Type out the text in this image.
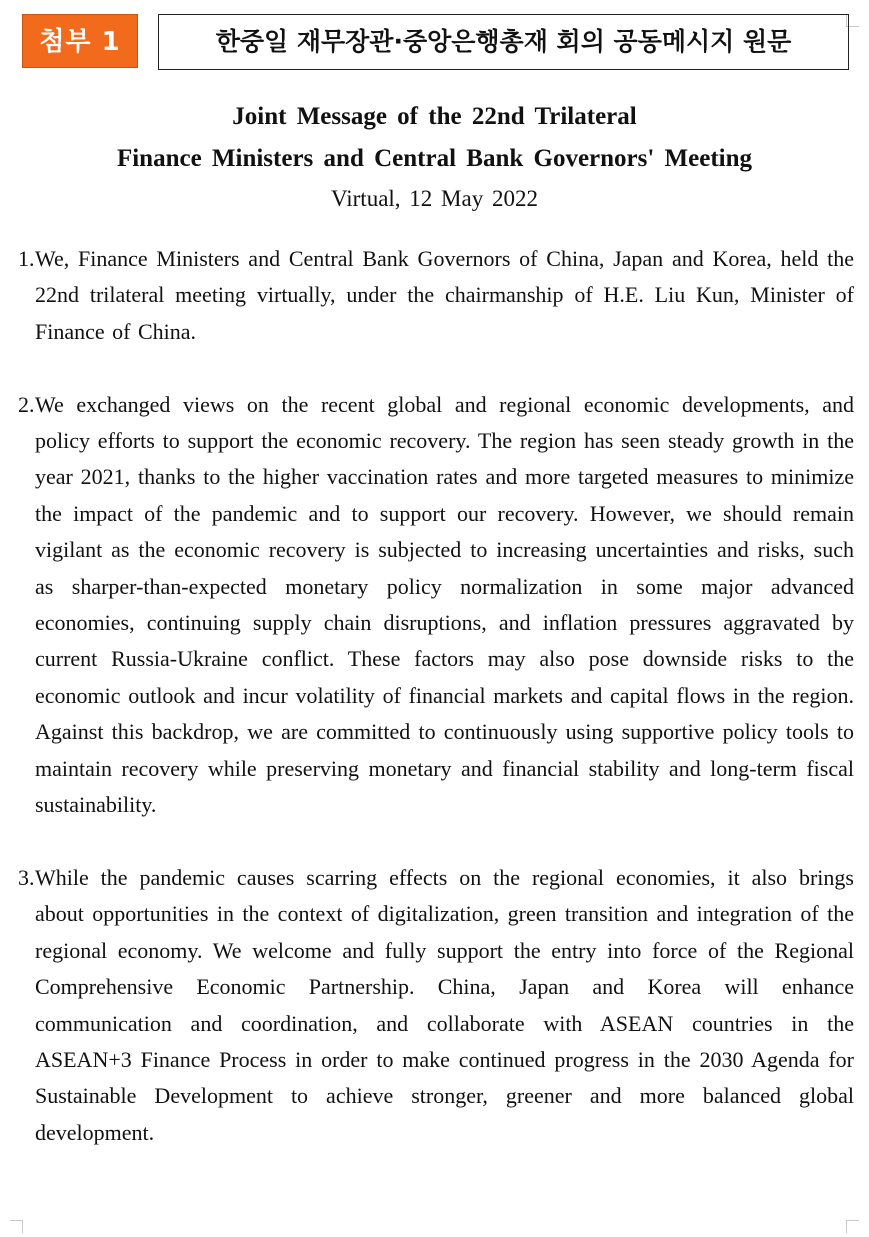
첨부 1	한중일 재무장관·중앙은행총재 회의 공동메시지 원문
Joint Message of the 22nd Trilateral
Finance Ministers and Central Bank Governors' Meeting
Virtual, 12 May 2022
1. We, Finance Ministers and Central Bank Governors of China, Japan and Korea, held the 22nd trilateral meeting virtually, under the chairmanship of H.E. Liu Kun, Minister of Finance of China.
2. We exchanged views on the recent global and regional economic developments, and policy efforts to support the economic recovery. The region has seen steady growth in the year 2021, thanks to the higher vaccination rates and more targeted measures to minimize the impact of the pandemic and to support our recovery. However, we should remain vigilant as the economic recovery is subjected to increasing uncertainties and risks, such as sharper-than-expected monetary policy normalization in some major advanced economies, continuing supply chain disruptions, and inflation pressures aggravated by current Russia-Ukraine conflict. These factors may also pose downside risks to the economic outlook and incur volatility of financial markets and capital flows in the region. Against this backdrop, we are committed to continuously using supportive policy tools to maintain recovery while preserving monetary and financial stability and long-term fiscal sustainability.
3. While the pandemic causes scarring effects on the regional economies, it also brings about opportunities in the context of digitalization, green transition and integration of the regional economy. We welcome and fully support the entry into force of the Regional Comprehensive Economic Partnership. China, Japan and Korea will enhance communication and coordination, and collaborate with ASEAN countries in the ASEAN+3 Finance Process in order to make continued progress in the 2030 Agenda for Sustainable Development to achieve stronger, greener and more balanced global development.
